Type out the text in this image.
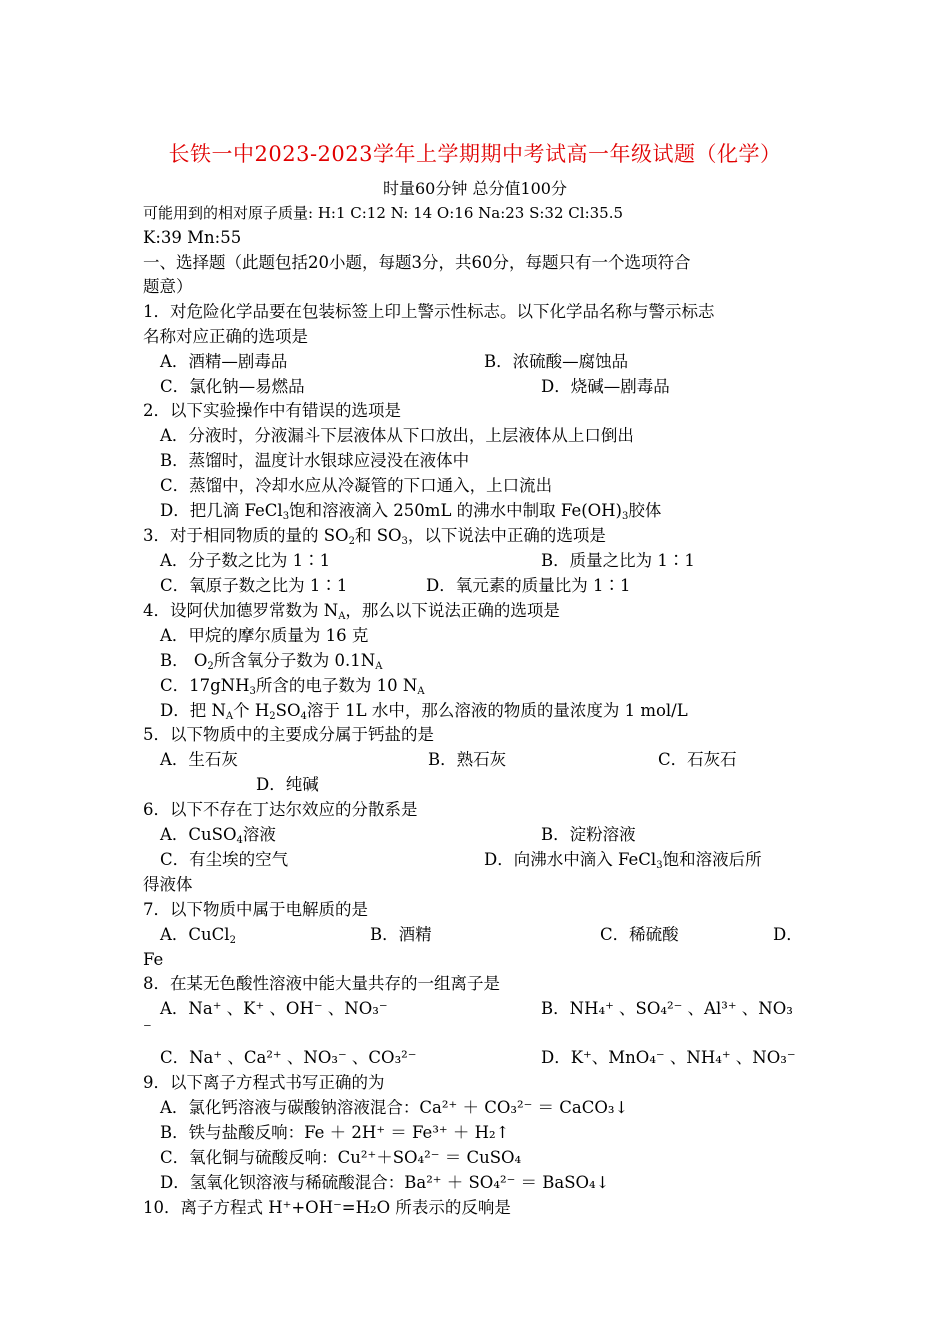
长铁一中2023-2023学年上学期期中考试高一年级试题（化学）
时量60分钟 总分值100分
可能用到的相对原子质量: H:1 C:12 N: 14 O:16 Na:23 S:32 Cl:35.5
K:39 Mn:55
一、选择题（此题包括20小题，每题3分，共60分，每题只有一个选项符合
题意）
1．对危险化学品要在包装标签上印上警示性标志。以下化学品名称与警示标志
名称对应正确的选项是
A．酒精—剧毒品	B．浓硫酸—腐蚀品
C．氯化钠—易燃品	D．烧碱—剧毒品
2．以下实验操作中有错误的选项是
A．分液时，分液漏斗下层液体从下口放出，上层液体从上口倒出
B．蒸馏时，温度计水银球应浸没在液体中
C．蒸馏中，冷却水应从冷凝管的下口通入，上口流出
D．把几滴 FeCl$_3$饱和溶液滴入 250mL 的沸水中制取 $Fe(OH)_3$胶体
3．对于相同物质的量的 $SO_2$和 $SO_3$，以下说法中正确的选项是
A．分子数之比为 1∶1	B．质量之比为 1∶1
C．氧原子数之比为 1∶1	D．氧元素的质量比为 1∶1
4．设阿伏加德罗常数为 $N_A$，那么以下说法正确的选项是
A．甲烷的摩尔质量为 16 克
B． $O_2$所含氧分子数为 $0.1N_A$
C．17gNH$_3$所含的电子数为 10 $N_A$
D．把 $N_A$个 $H_2SO_4$溶于 1L 水中，那么溶液的物质的量浓度为 1 mol/L
5．以下物质中的主要成分属于钙盐的是
A．生石灰	B．熟石灰	C．石灰石
D．纯碱
6．以下不存在丁达尔效应的分散系是
A．CuSO$_4$溶液	B．淀粉溶液
C．有尘埃的空气	D．向沸水中滴入 FeCl$_3$饱和溶液后所
得液体
7．以下物质中属于电解质的是
A．CuCl$_2$	B．酒精	C．稀硫酸	D．
Fe
8．在某无色酸性溶液中能大量共存的一组离子是
A．Na⁺ 、K⁺ 、OH⁻ 、NO₃⁻	B．NH₄⁺ 、SO₄²⁻ 、Al³⁺ 、NO₃
⁻
C．Na⁺ 、Ca²⁺ 、NO₃⁻ 、CO₃²⁻	D．K⁺、MnO₄⁻ 、NH₄⁺ 、NO₃⁻
9．以下离子方程式书写正确的为
A．氯化钙溶液与碳酸钠溶液混合：Ca²⁺ ＋ CO₃²⁻ ＝ CaCO₃↓
B．铁与盐酸反响：Fe ＋ 2H⁺ ＝ Fe³⁺ ＋ H₂↑
C．氧化铜与硫酸反响：Cu²⁺＋SO₄²⁻ ＝ CuSO₄
D．氢氧化钡溶液与稀硫酸混合：Ba²⁺ ＋ SO₄²⁻ ＝ BaSO₄↓
10．离子方程式 H⁺+OH⁻=H₂O 所表示的反响是
